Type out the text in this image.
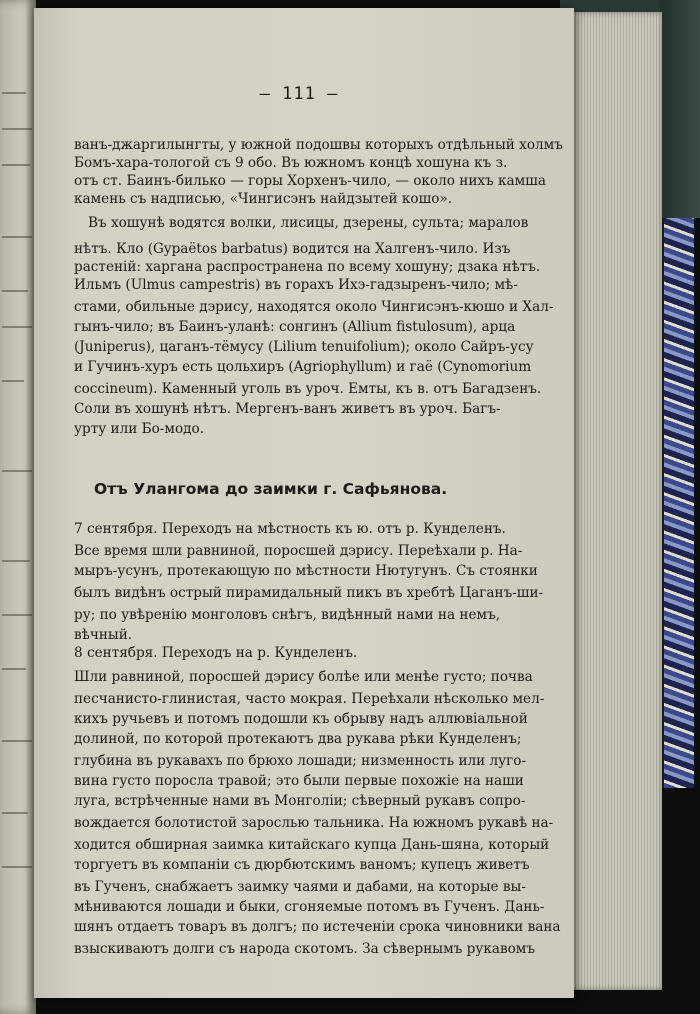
— 111 —
ванъ-джаргилынгты, у южной подошвы которыхъ отдѣльный холмъ
Бомъ-хара-тологой съ 9 обо. Въ южномъ концѣ хошуна къ з.
отъ ст. Баинъ-билько — горы Хорхенъ-чило, — около нихъ камша
камень съ надписью, «Чингисэнъ найдзытей кошо».
Въ хошунѣ водятся волки, лисицы, дзерены, сульта; маралов
нѣтъ. Кло (Gypaëtos barbatus) водится на Халгенъ-чило. Изъ
растеній: харгана распространена по всему хошуну; дзака нѣтъ.
Ильмъ (Ulmus campestris) въ горахъ Ихэ-гадзыренъ-чило; мѣ-
стами, обильные дэрису, находятся около Чингисэнъ-кюшо и Хал-
гынъ-чило; въ Баинъ-уланѣ: сонгинъ (Allium fistulosum), арца
(Juniperus), цаганъ-тёмусу (Lilium tenuifolium); около Сайръ-усу
и Гучинъ-хуръ есть цольхиръ (Agriophyllum) и гаё (Cynomorium
coccineum). Каменный уголь въ уроч. Емты, къ в. отъ Багадзенъ.
Соли въ хошунѣ нѣтъ. Мергенъ-ванъ живетъ въ уроч. Багъ-
урту или Бо-модо.
Отъ Улангома до заимки г. Сафьянова.
7 сентября. Переходъ на мѣстность къ ю. отъ р. Кунделенъ.
Все время шли равниной, поросшей дэрису. Переѣхали р. На-
мыръ-усунъ, протекающую по мѣстности Нютугунъ. Съ стоянки
былъ видѣнъ острый пирамидальный пикъ въ хребтѣ Цаганъ-ши-
ру; по увѣренію монголовъ снѣгъ, видѣнный нами на немъ,
вѣчный.
8 сентября. Переходъ на р. Кунделенъ.
Шли равниной, поросшей дэрису болѣе или менѣе густо; почва
песчанисто-глинистая, часто мокрая. Переѣхали нѣсколько мел-
кихъ ручьевъ и потомъ подошли къ обрыву надъ аллювіальной
долиной, по которой протекаютъ два рукава рѣки Кунделенъ;
глубина въ рукавахъ по брюхо лошади; низменность или луго-
вина густо поросла травой; это были первые похожіе на наши
луга, встрѣченные нами въ Монголіи; сѣверный рукавъ сопро-
вождается болотистой зарослью тальника. На южномъ рукавѣ на-
ходится обширная заимка китайскаго купца Дань-шяна, который
торгуетъ въ компаніи съ дюрбютскимъ ваномъ; купецъ живетъ
въ Гученъ, снабжаетъ заимку чаями и дабами, на которые вы-
мѣниваются лошади и быки, сгоняемые потомъ въ Гученъ. Дань-
шянъ отдаетъ товаръ въ долгъ; по истеченіи срока чиновники вана
взыскиваютъ долги съ народа скотомъ. За сѣвернымъ рукавомъ
